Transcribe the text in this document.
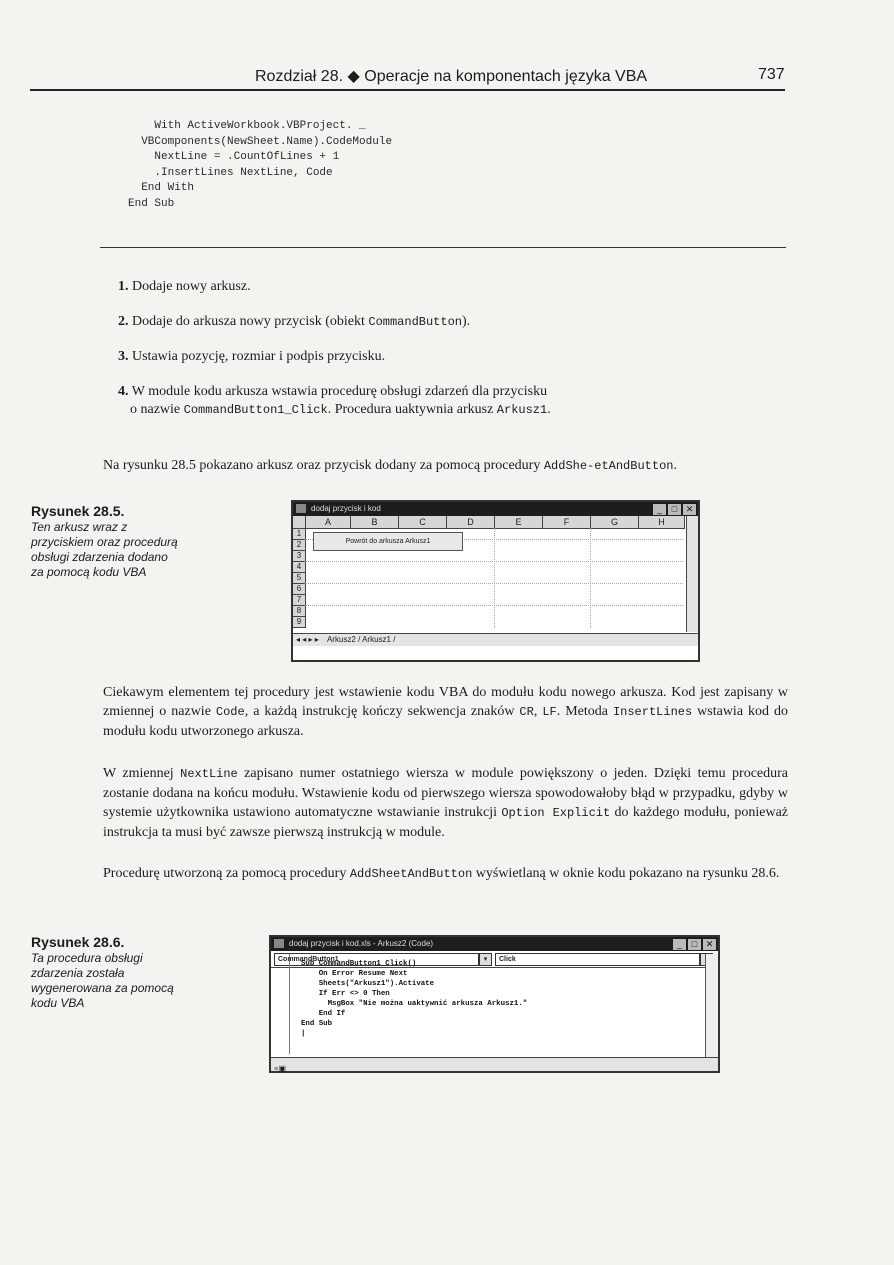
Rozdział 28. ◆ Operacje na komponentach języka VBA	737
With ActiveWorkbook.VBProject. _
VBComponents(NewSheet.Name).CodeModule
NextLine = .CountOfLines + 1
.InsertLines NextLine, Code
End With
End Sub
1. Dodaje nowy arkusz.
2. Dodaje do arkusza nowy przycisk (obiekt CommandButton).
3. Ustawia pozycję, rozmiar i podpis przycisku.
4. W module kodu arkusza wstawia procedurę obsługi zdarzeń dla przycisku
o nazwie CommandButton1_Click. Procedura uaktywnia arkusz Arkusz1.
Na rysunku 28.5 pokazano arkusz oraz przycisk dodany za pomocą procedury AddShe-etAndButton.
Rysunek 28.5.
Ten arkusz wraz z przyciskiem oraz procedurą obsługi zdarzenia dodano za pomocą kodu VBA
dodaj przycisk i kod	_ □ ✕
A	B	C	D	E	F	G	H
1
2
3
4
5
6
7
8
9
Powrót do arkusza Arkusz1
◂ ◂ ▸ ▸ Arkusz2 / Arkusz1 /
Ciekawym elementem tej procedury jest wstawienie kodu VBA do modułu kodu nowego arkusza. Kod jest zapisany w zmiennej o nazwie Code, a każdą instrukcję kończy sekwencja znaków CR, LF. Metoda InsertLines wstawia kod do modułu kodu utworzonego arkusza.
W zmiennej NextLine zapisano numer ostatniego wiersza w module powiększony o jeden. Dzięki temu procedura zostanie dodana na końcu modułu. Wstawienie kodu od pierwszego wiersza spowodowałoby błąd w przypadku, gdyby w systemie użytkownika ustawiono automatyczne wstawianie instrukcji Option Explicit do każdego modułu, ponieważ instrukcja ta musi być zawsze pierwszą instrukcją w module.
Procedurę utworzoną za pomocą procedury AddSheetAndButton wyświetlaną w oknie kodu pokazano na rysunku 28.6.
Rysunek 28.6.
Ta procedura obsługi zdarzenia została wygenerowana za pomocą kodu VBA
dodaj przycisk i kod.xls - Arkusz2 (Code)	_ □ ✕
CommandButton1	▾	Click
Sub CommandButton1_Click()
On Error Resume Next
Sheets("Arkusz1").Activate
If Err <> 0 Then
MsgBox "Nie można uaktywnić arkusza Arkusz1."
End If
End Sub
|
≡▣
